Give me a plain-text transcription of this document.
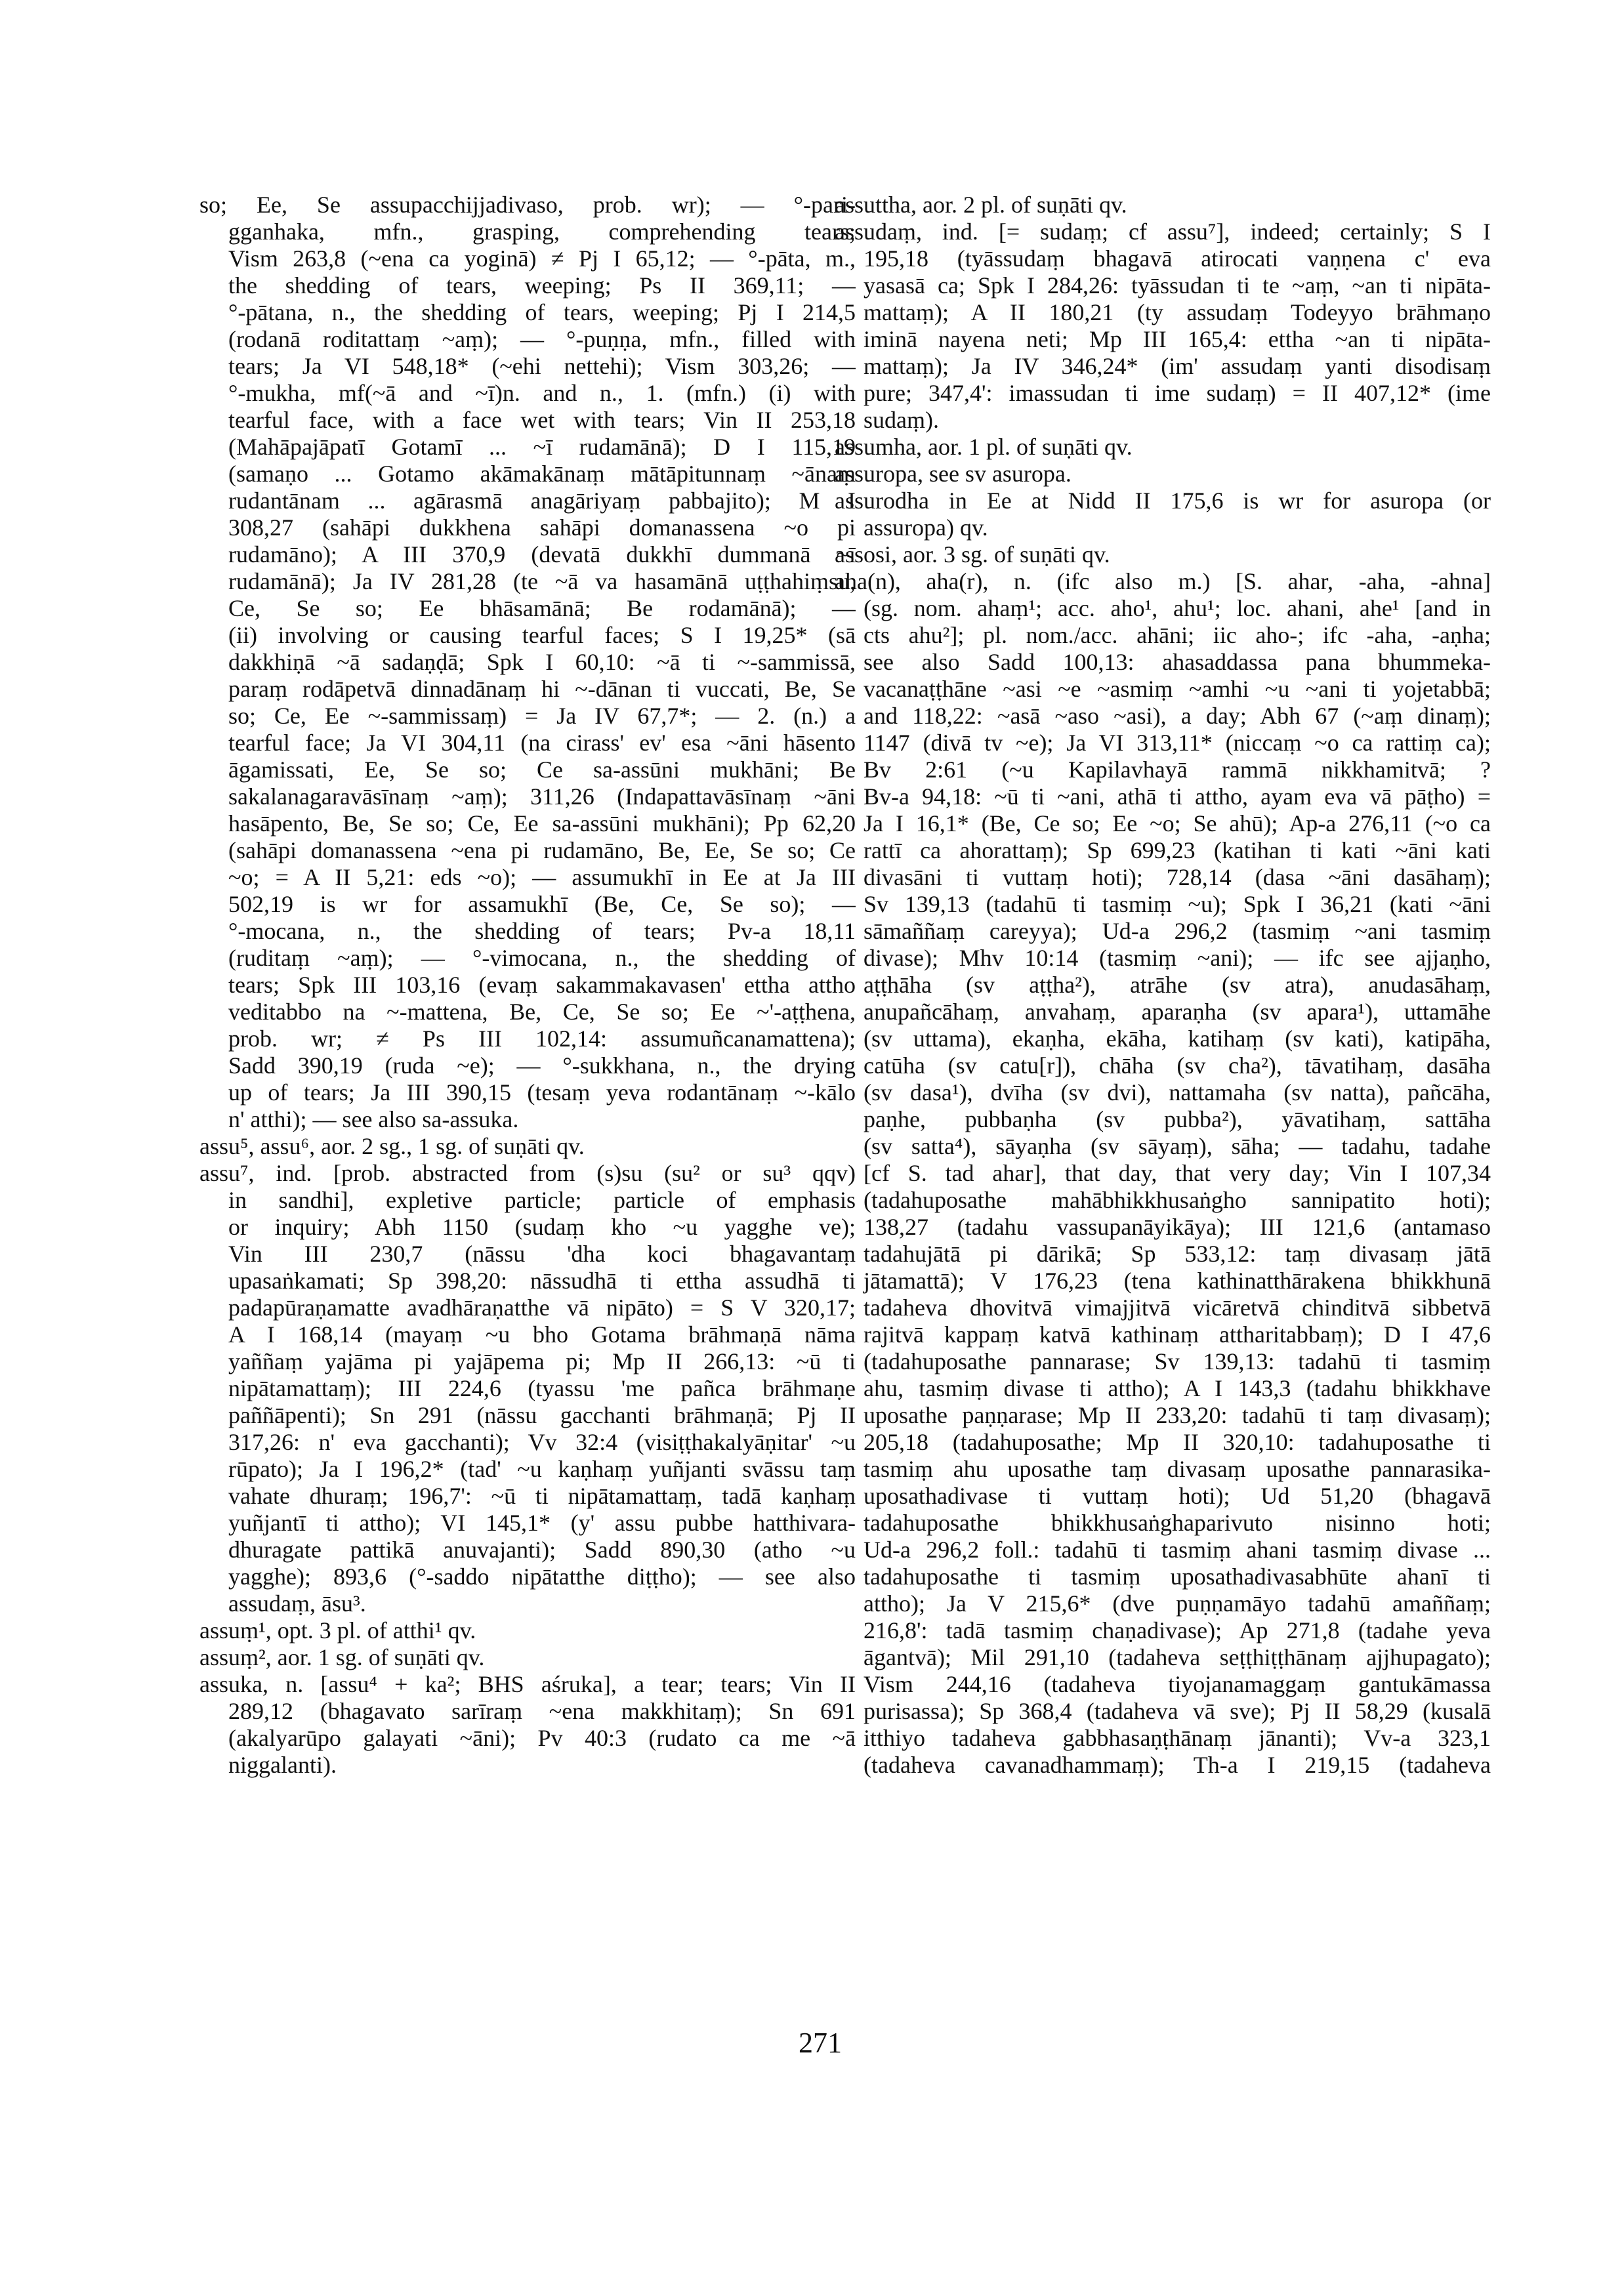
so; Ee, Se assupacchijjadivaso, prob. wr); — °-pari-
gganhaka, mfn., grasping, comprehending tears;
Vism 263,8 (~ena ca yoginā) ≠ Pj I 65,12; — °-pāta, m.,
the shedding of tears, weeping; Ps II 369,11; —
°-pātana, n., the shedding of tears, weeping; Pj I 214,5
(rodanā roditattaṃ ~aṃ); — °-puṇṇa, mfn., filled with
tears; Ja VI 548,18* (~ehi nettehi); Vism 303,26; —
°-mukha, mf(~ā and ~ī)n. and n., 1. (mfn.) (i) with
tearful face, with a face wet with tears; Vin II 253,18
(Mahāpajāpatī Gotamī ... ~ī rudamānā); D I 115,19
(samaṇo ... Gotamo akāmakānaṃ mātāpitunnaṃ ~ānaṃ
rudantānam ... agārasmā anagāriyaṃ pabbajito); M I
308,27 (sahāpi dukkhena sahāpi domanassena ~o pi
rudamāno); A III 370,9 (devatā dukkhī dummanā ~ī
rudamānā); Ja IV 281,28 (te ~ā va hasamānā uṭṭhahiṃsu,
Ce, Se so; Ee bhāsamānā; Be rodamānā); —
(ii) involving or causing tearful faces; S I 19,25* (sā
dakkhiṇā ~ā sadaṇḍā; Spk I 60,10: ~ā ti ~-sammissā,
paraṃ rodāpetvā dinnadānaṃ hi ~-dānan ti vuccati, Be, Se
so; Ce, Ee ~-sammissaṃ) = Ja IV 67,7*; — 2. (n.) a
tearful face; Ja VI 304,11 (na cirass' ev' esa ~āni hāsento
āgamissati, Ee, Se so; Ce sa-assūni mukhāni; Be
sakalanagaravāsīnaṃ ~aṃ); 311,26 (Indapattavāsīnaṃ ~āni
hasāpento, Be, Se so; Ce, Ee sa-assūni mukhāni); Pp 62,20
(sahāpi domanassena ~ena pi rudamāno, Be, Ee, Se so; Ce
~o; = A II 5,21: eds ~o); — assumukhī in Ee at Ja III
502,19 is wr for assamukhī (Be, Ce, Se so); —
°-mocana, n., the shedding of tears; Pv-a 18,11
(ruditaṃ ~aṃ); — °-vimocana, n., the shedding of
tears; Spk III 103,16 (evaṃ sakammakavasen' ettha attho
veditabbo na ~-mattena, Be, Ce, Se so; Ee ~'-aṭṭhena,
prob. wr; ≠ Ps III 102,14: assumuñcanamattena);
Sadd 390,19 (ruda ~e); — °-sukkhana, n., the drying
up of tears; Ja III 390,15 (tesaṃ yeva rodantānaṃ ~-kālo
n' atthi); — see also sa-assuka.
assu⁵, assu⁶, aor. 2 sg., 1 sg. of suṇāti qv.
assu⁷, ind. [prob. abstracted from (s)su (su² or su³ qqv)
in sandhi], expletive particle; particle of emphasis
or inquiry; Abh 1150 (sudaṃ kho ~u yagghe ve);
Vin III 230,7 (nāssu 'dha koci bhagavantaṃ
upasaṅkamati; Sp 398,20: nāssudhā ti ettha assudhā ti
padapūraṇamatte avadhāraṇatthe vā nipāto) = S V 320,17;
A I 168,14 (mayaṃ ~u bho Gotama brāhmaṇā nāma
yaññaṃ yajāma pi yajāpema pi; Mp II 266,13: ~ū ti
nipātamattaṃ); III 224,6 (tyassu 'me pañca brāhmaṇe
paññāpenti); Sn 291 (nāssu gacchanti brāhmaṇā; Pj II
317,26: n' eva gacchanti); Vv 32:4 (visiṭṭhakalyāṇitar' ~u
rūpato); Ja I 196,2* (tad' ~u kaṇhaṃ yuñjanti svāssu taṃ
vahate dhuraṃ; 196,7': ~ū ti nipātamattaṃ, tadā kaṇhaṃ
yuñjantī ti attho); VI 145,1* (y' assu pubbe hatthivara-
dhuragate pattikā anuvajanti); Sadd 890,30 (atho ~u
yagghe); 893,6 (°-saddo nipātatthe diṭṭho); — see also
assudaṃ, āsu³.
assuṃ¹, opt. 3 pl. of atthi¹ qv.
assuṃ², aor. 1 sg. of suṇāti qv.
assuka, n. [assu⁴ + ka²; BHS aśruka], a tear; tears; Vin II
289,12 (bhagavato sarīraṃ ~ena makkhitaṃ); Sn 691
(akalyarūpo galayati ~āni); Pv 40:3 (rudato ca me ~ā
niggalanti).
assuttha, aor. 2 pl. of suṇāti qv.
assudaṃ, ind. [= sudaṃ; cf assu⁷], indeed; certainly; S I
195,18 (tyāssudaṃ bhagavā atirocati vaṇṇena c' eva
yasasā ca; Spk I 284,26: tyāssudan ti te ~aṃ, ~an ti nipāta-
mattaṃ); A II 180,21 (ty assudaṃ Todeyyo brāhmaṇo
iminā nayena neti; Mp III 165,4: ettha ~an ti nipāta-
mattaṃ); Ja IV 346,24* (im' assudaṃ yanti disodisaṃ
pure; 347,4': imassudan ti ime sudaṃ) = II 407,12* (ime
sudaṃ).
assumha, aor. 1 pl. of suṇāti qv.
assuropa, see sv asuropa.
assurodha in Ee at Nidd II 175,6 is wr for asuropa (or
assuropa) qv.
assosi, aor. 3 sg. of suṇāti qv.
aha(n), aha(r), n. (ifc also m.) [S. ahar, -aha, -ahna]
(sg. nom. ahaṃ¹; acc. aho¹, ahu¹; loc. ahani, ahe¹ [and in
cts ahu²]; pl. nom./acc. ahāni; iic aho-; ifc -aha, -aṇha;
see also Sadd 100,13: ahasaddassa pana bhummeka-
vacanaṭṭhāne ~asi ~e ~asmiṃ ~amhi ~u ~ani ti yojetabbā;
and 118,22: ~asā ~aso ~asi), a day; Abh 67 (~aṃ dinaṃ);
1147 (divā tv ~e); Ja VI 313,11* (niccaṃ ~o ca rattiṃ ca);
Bv 2:61 (~u Kapilavhayā rammā nikkhamitvā; ?
Bv-a 94,18: ~ū ti ~ani, athā ti attho, ayam eva vā pāṭho) =
Ja I 16,1* (Be, Ce so; Ee ~o; Se ahū); Ap-a 276,11 (~o ca
rattī ca ahorattaṃ); Sp 699,23 (katihan ti kati ~āni kati
divasāni ti vuttaṃ hoti); 728,14 (dasa ~āni dasāhaṃ);
Sv 139,13 (tadahū ti tasmiṃ ~u); Spk I 36,21 (kati ~āni
sāmaññaṃ careyya); Ud-a 296,2 (tasmiṃ ~ani tasmiṃ
divase); Mhv 10:14 (tasmiṃ ~ani); — ifc see ajjaṇho,
aṭṭhāha (sv aṭṭha²), atrāhe (sv atra), anudasāhaṃ,
anupañcāhaṃ, anvahaṃ, aparaṇha (sv apara¹), uttamāhe
(sv uttama), ekaṇha, ekāha, katihaṃ (sv kati), katipāha,
catūha (sv catu[r]), chāha (sv cha²), tāvatihaṃ, dasāha
(sv dasa¹), dvīha (sv dvi), nattamaha (sv natta), pañcāha,
paṇhe, pubbaṇha (sv pubba²), yāvatihaṃ, sattāha
(sv satta⁴), sāyaṇha (sv sāyaṃ), sāha; — tadahu, tadahe
[cf S. tad ahar], that day, that very day; Vin I 107,34
(tadahuposathe mahābhikkhusaṅgho sannipatito hoti);
138,27 (tadahu vassupanāyikāya); III 121,6 (antamaso
tadahujātā pi dārikā; Sp 533,12: taṃ divasaṃ jātā
jātamattā); V 176,23 (tena kathinatthārakena bhikkhunā
tadaheva dhovitvā vimajjitvā vicāretvā chinditvā sibbetvā
rajitvā kappaṃ katvā kathinaṃ attharitabbaṃ); D I 47,6
(tadahuposathe pannarase; Sv 139,13: tadahū ti tasmiṃ
ahu, tasmiṃ divase ti attho); A I 143,3 (tadahu bhikkhave
uposathe paṇṇarase; Mp II 233,20: tadahū ti taṃ divasaṃ);
205,18 (tadahuposathe; Mp II 320,10: tadahuposathe ti
tasmiṃ ahu uposathe taṃ divasaṃ uposathe pannarasika-
uposathadivase ti vuttaṃ hoti); Ud 51,20 (bhagavā
tadahuposathe bhikkhusaṅghaparivuto nisinno hoti;
Ud-a 296,2 foll.: tadahū ti tasmiṃ ahani tasmiṃ divase ...
tadahuposathe ti tasmiṃ uposathadivasabhūte ahanī ti
attho); Ja V 215,6* (dve puṇṇamāyo tadahū amaññaṃ;
216,8': tadā tasmiṃ chaṇadivase); Ap 271,8 (tadahe yeva
āgantvā); Mil 291,10 (tadaheva seṭṭhiṭṭhānaṃ ajjhupagato);
Vism 244,16 (tadaheva tiyojanamaggaṃ gantukāmassa
purisassa); Sp 368,4 (tadaheva vā sve); Pj II 58,29 (kusalā
itthiyo tadaheva gabbhasaṇṭhānaṃ jānanti); Vv-a 323,1
(tadaheva cavanadhammaṃ); Th-a I 219,15 (tadaheva
271
